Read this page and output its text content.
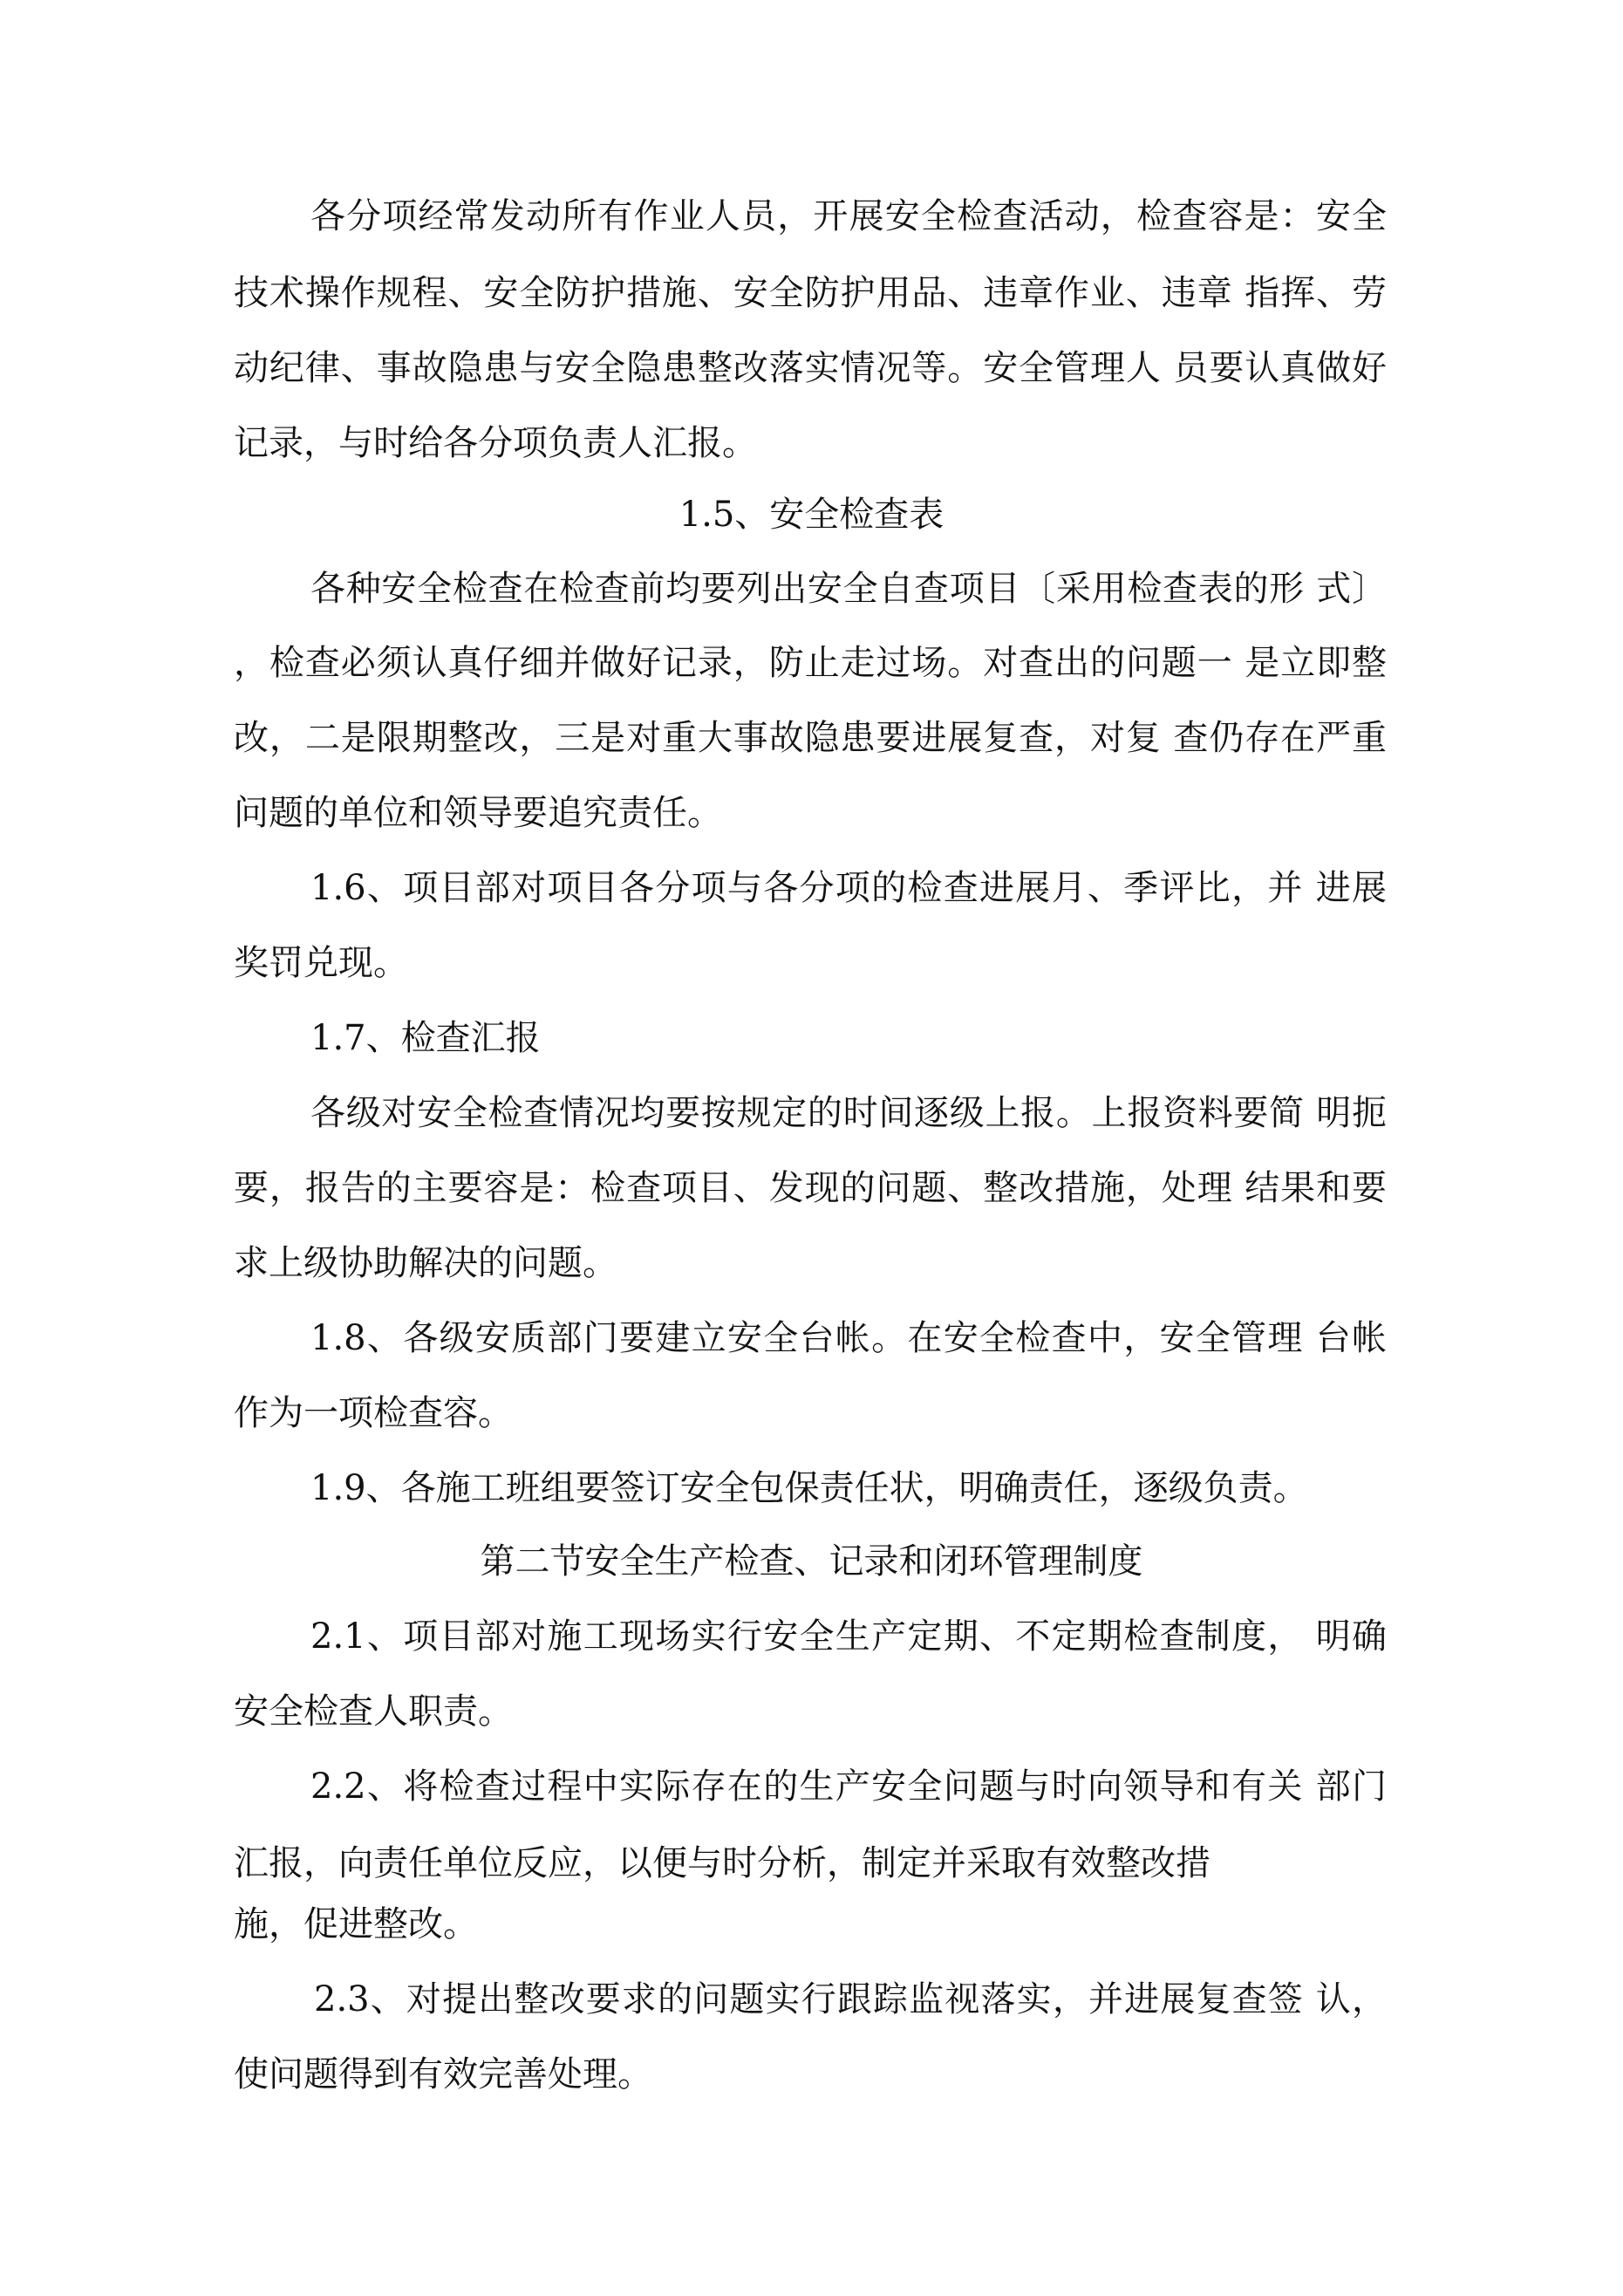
各分项经常发动所有作业人员，开展安全检查活动，检查容是：安全

技术操作规程、安全防护措施、安全防护用品、违章作业、违章 指挥、劳

动纪律、事故隐患与安全隐患整改落实情况等。安全管理人 员要认真做好

记录，与时给各分项负责人汇报。

1.5、安全检查表

各种安全检查在检查前均要列出安全自查项目〔采用检查表的形 式〕

，检查必须认真仔细并做好记录，防止走过场。对查出的问题一 是立即整

改，二是限期整改，三是对重大事故隐患要进展复查，对复 查仍存在严重

问题的单位和领导要追究责任。

1.6、项目部对项目各分项与各分项的检查进展月、季评比，并 进展

奖罚兑现。

1.7、检查汇报

各级对安全检查情况均要按规定的时间逐级上报。上报资料要简 明扼

要，报告的主要容是：检查项目、发现的问题、整改措施，处理 结果和要

求上级协助解决的问题。

1.8、各级安质部门要建立安全台帐。在安全检查中，安全管理 台帐

作为一项检查容。

1.9、各施工班组要签订安全包保责任状，明确责任，逐级负责。

第二节安全生产检查、记录和闭环管理制度

2.1、项目部对施工现场实行安全生产定期、不定期检查制度， 明确

安全检查人职责。

2.2、将检查过程中实际存在的生产安全问题与时向领导和有关 部门

汇报，向责任单位反应，以便与时分析，制定并采取有效整改措

施，促进整改。

2.3、对提出整改要求的问题实行跟踪监视落实，并进展复查签 认，

使问题得到有效完善处理。
